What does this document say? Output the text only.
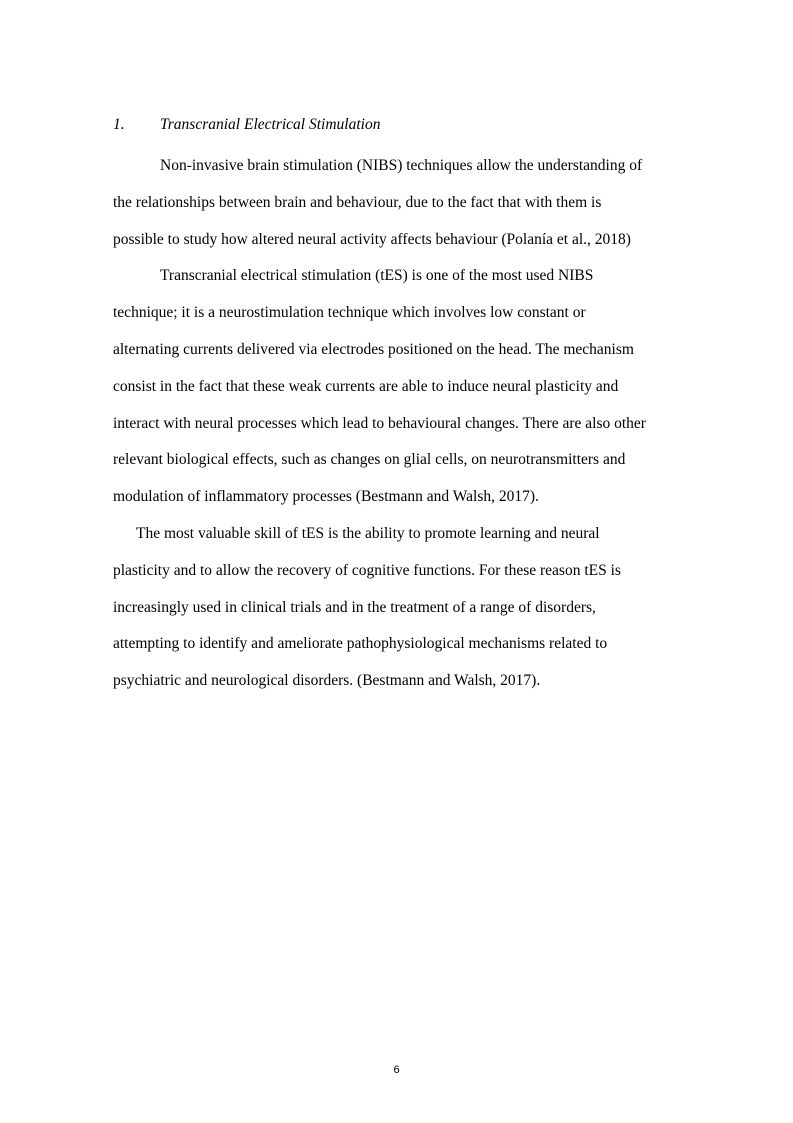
1. Transcranial Electrical Stimulation

Non-invasive brain stimulation (NIBS) techniques allow the understanding of
the relationships between brain and behaviour, due to the fact that with them is
possible to study how altered neural activity affects behaviour (Polanía et al., 2018)

Transcranial electrical stimulation (tES) is one of the most used NIBS
technique; it is a neurostimulation technique which involves low constant or
alternating currents delivered via electrodes positioned on the head. The mechanism
consist in the fact that these weak currents are able to induce neural plasticity and
interact with neural processes which lead to behavioural changes. There are also other
relevant biological effects, such as changes on glial cells, on neurotransmitters and
modulation of inflammatory processes (Bestmann and Walsh, 2017).

The most valuable skill of tES is the ability to promote learning and neural
plasticity and to allow the recovery of cognitive functions. For these reason tES is
increasingly used in clinical trials and in the treatment of a range of disorders,
attempting to identify and ameliorate pathophysiological mechanisms related to
psychiatric and neurological disorders. (Bestmann and Walsh, 2017).

6
